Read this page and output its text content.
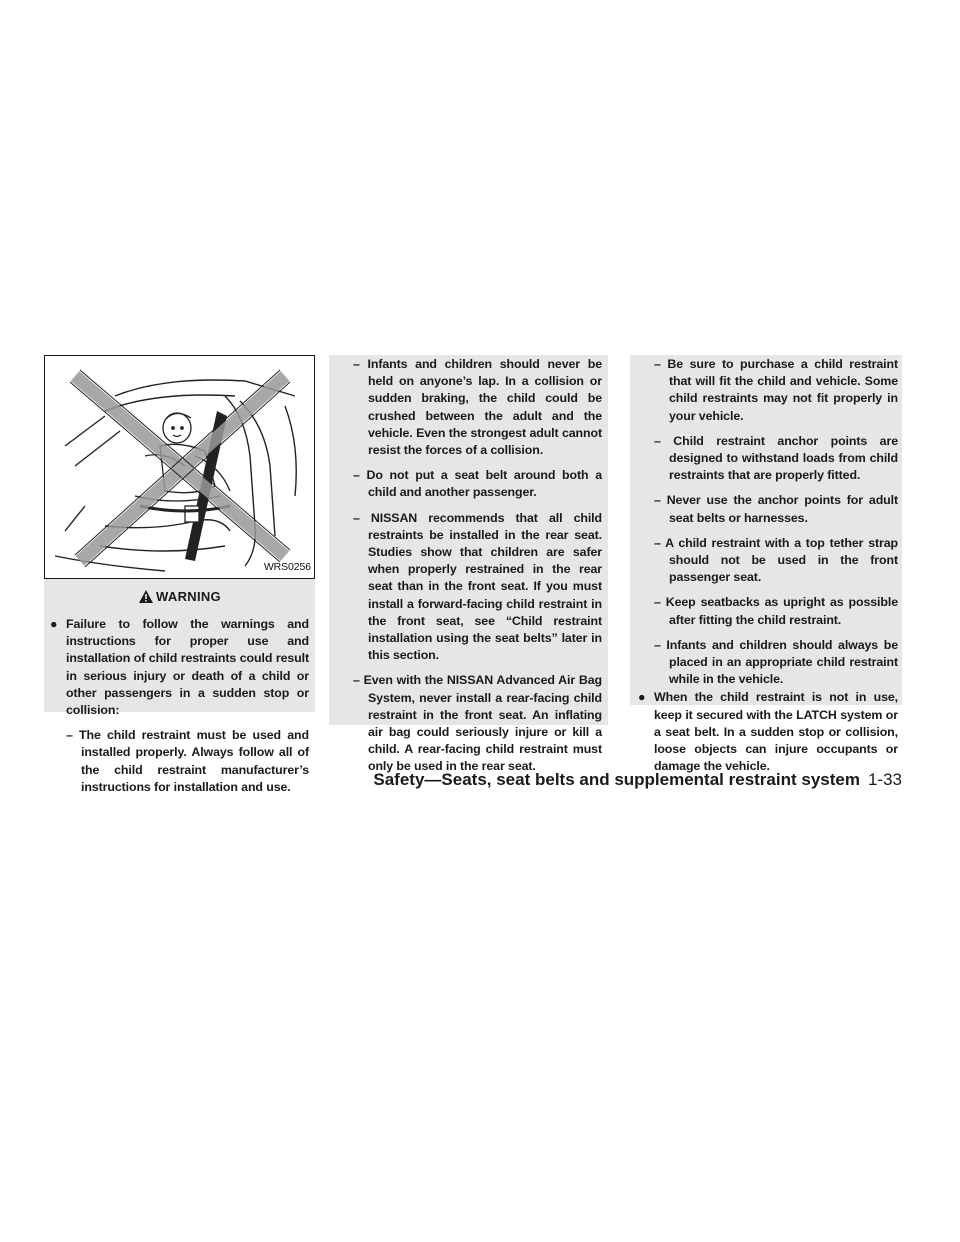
WRS0256
WARNING

● Failure to follow the warnings and instructions for proper use and installation of child restraints could result in serious injury or death of a child or other passengers in a sudden stop or collision:

– The child restraint must be used and installed properly. Always follow all of the child restraint manufacturer’s instructions for installation and use.

– Infants and children should never be held on anyone’s lap. In a collision or sudden braking, the child could be crushed between the adult and the vehicle. Even the strongest adult cannot resist the forces of a collision.

– Do not put a seat belt around both a child and another passenger.

– NISSAN recommends that all child restraints be installed in the rear seat. Studies show that children are safer when properly restrained in the rear seat than in the front seat. If you must install a forward-facing child restraint in the front seat, see “Child restraint installation using the seat belts” later in this section.

– Even with the NISSAN Advanced Air Bag System, never install a rear-facing child restraint in the front seat. An inflating air bag could seriously injure or kill a child. A rear-facing child restraint must only be used in the rear seat.

– Be sure to purchase a child restraint that will fit the child and vehicle. Some child restraints may not fit properly in your vehicle.

– Child restraint anchor points are designed to withstand loads from child restraints that are properly fitted.

– Never use the anchor points for adult seat belts or harnesses.

– A child restraint with a top tether strap should not be used in the front passenger seat.

– Keep seatbacks as upright as possible after fitting the child restraint.

– Infants and children should always be placed in an appropriate child restraint while in the vehicle.

● When the child restraint is not in use, keep it secured with the LATCH system or a seat belt. In a sudden stop or collision, loose objects can injure occupants or damage the vehicle.

Safety—Seats, seat belts and supplemental restraint system 1-33
